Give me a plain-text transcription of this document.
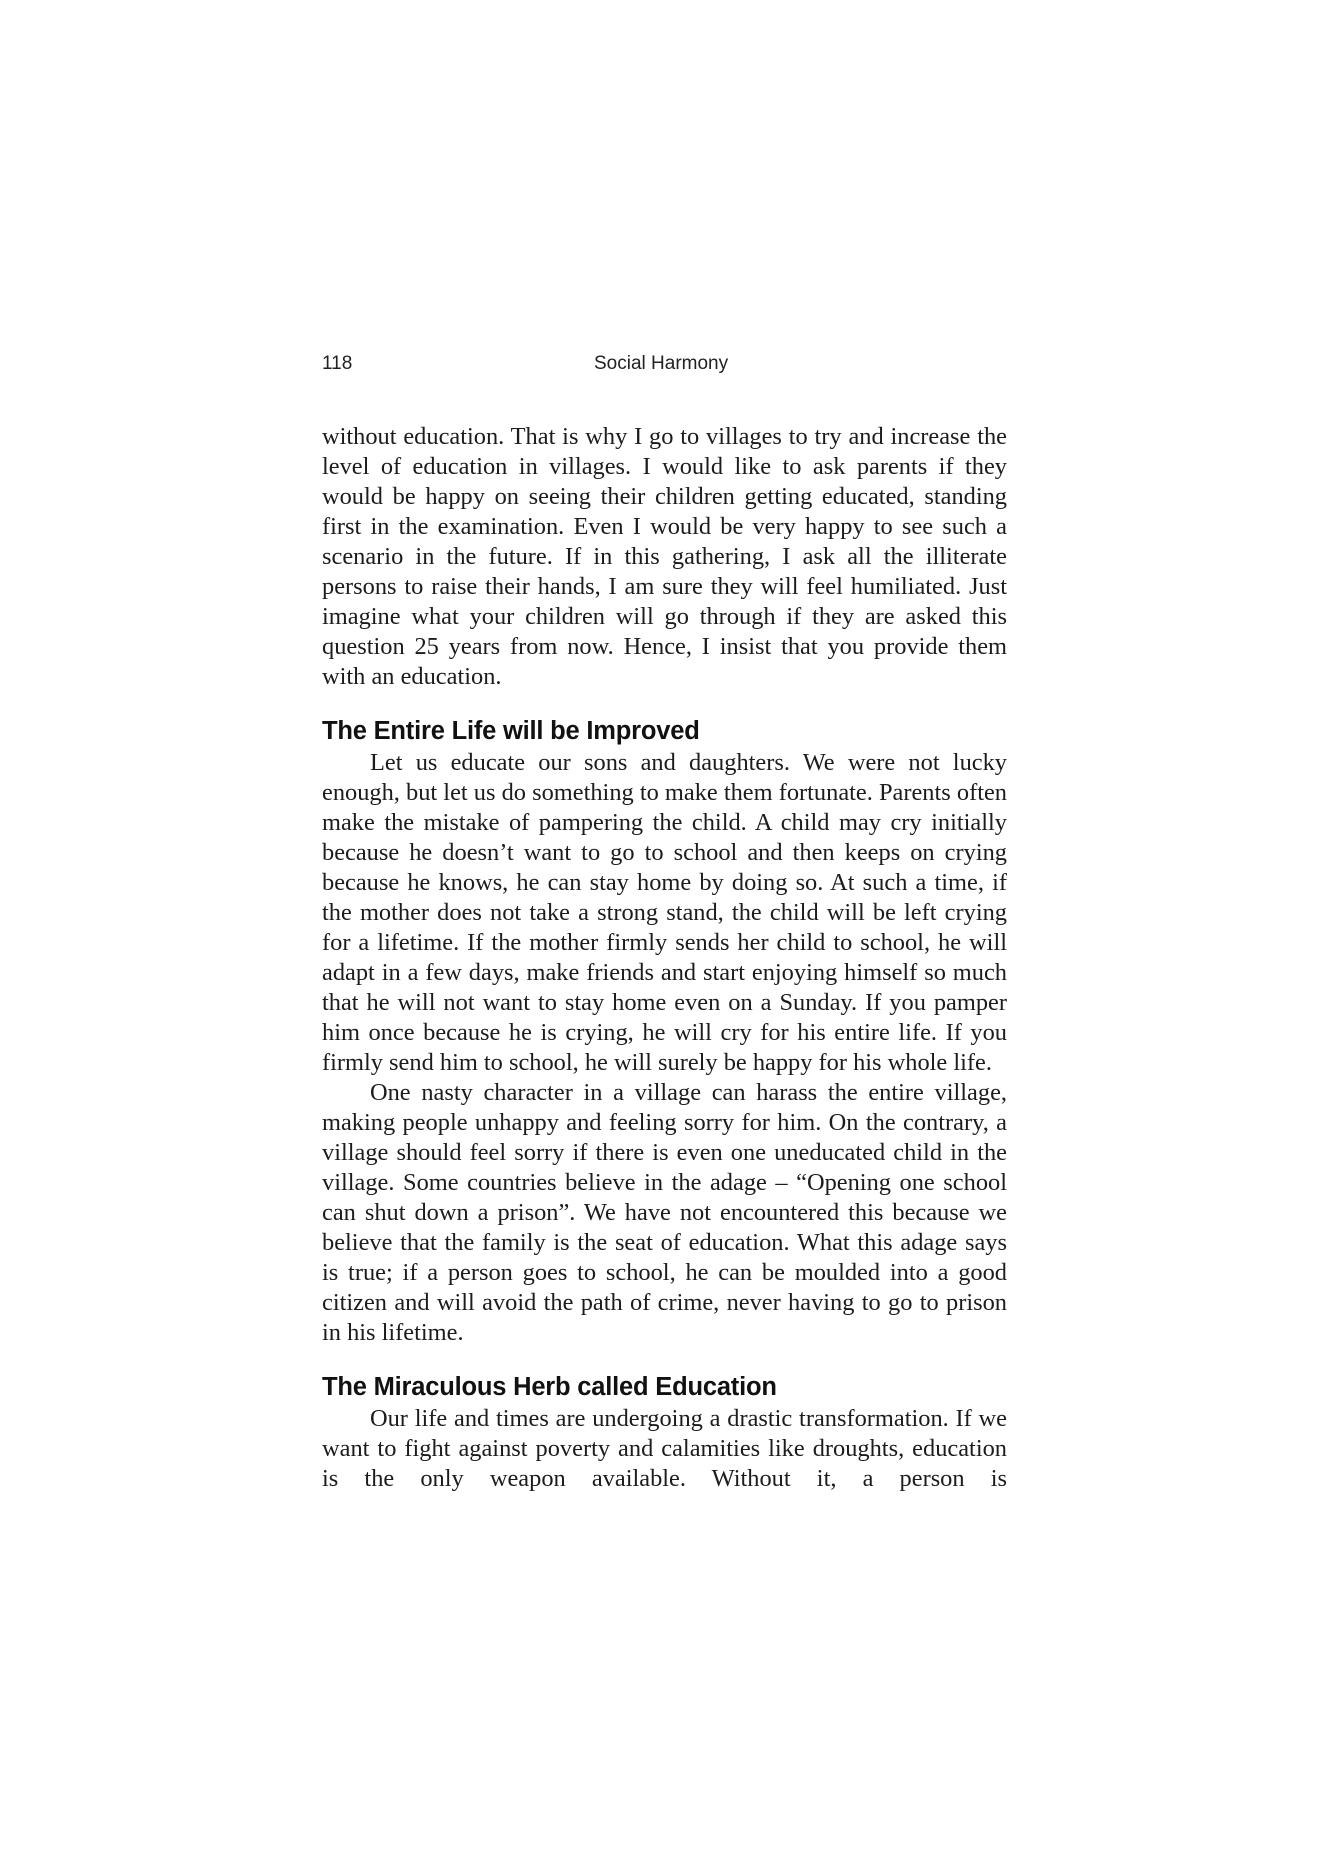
118	Social Harmony

without education. That is why I go to villages to try and increase the level of education in villages. I would like to ask parents if they would be happy on seeing their children getting educated, standing first in the examination. Even I would be very happy to see such a scenario in the future. If in this gathering, I ask all the illiterate persons to raise their hands, I am sure they will feel humiliated. Just imagine what your children will go through if they are asked this question 25 years from now. Hence, I insist that you provide them with an education.

The Entire Life will be Improved

Let us educate our sons and daughters. We were not lucky enough, but let us do something to make them fortunate. Parents often make the mistake of pampering the child. A child may cry initially because he doesn’t want to go to school and then keeps on crying because he knows, he can stay home by doing so. At such a time, if the mother does not take a strong stand, the child will be left crying for a lifetime. If the mother firmly sends her child to school, he will adapt in a few days, make friends and start enjoying himself so much that he will not want to stay home even on a Sunday. If you pamper him once because he is crying, he will cry for his entire life. If you firmly send him to school, he will surely be happy for his whole life.

One nasty character in a village can harass the entire village, making people unhappy and feeling sorry for him. On the contrary, a village should feel sorry if there is even one uneducated child in the village. Some countries believe in the adage – “Opening one school can shut down a prison”. We have not encountered this because we believe that the family is the seat of education. What this adage says is true; if a person goes to school, he can be moulded into a good citizen and will avoid the path of crime, never having to go to prison in his lifetime.

The Miraculous Herb called Education

Our life and times are undergoing a drastic transformation. If we want to fight against poverty and calamities like droughts, education is the only weapon available. Without it, a person is
